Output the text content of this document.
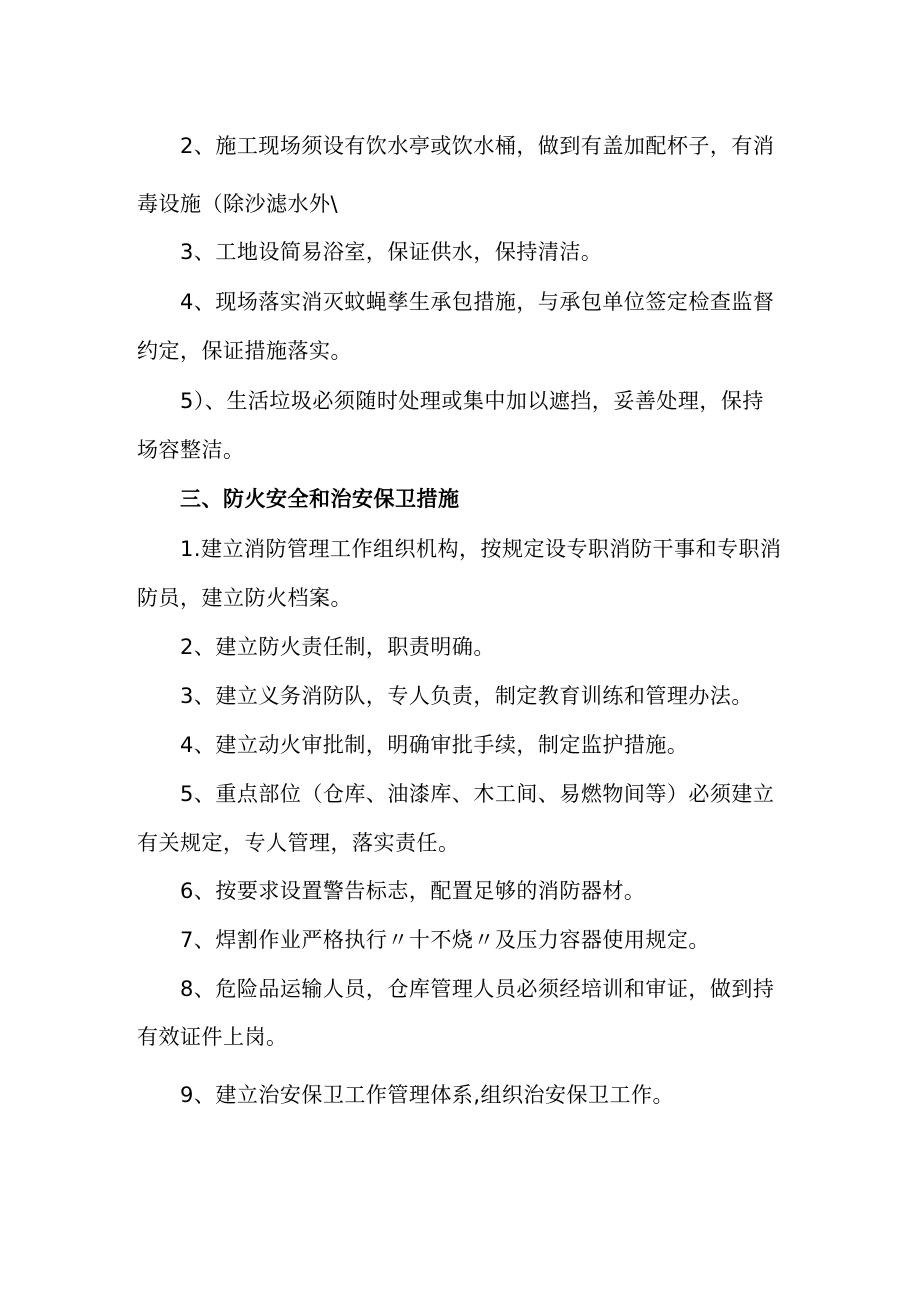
2、施工现场须设有饮水亭或饮水桶，做到有盖加配杯子，有消
毒设施（除沙滤水外\
3、工地设简易浴室，保证供水，保持清洁。
4、现场落实消灭蚊蝇孳生承包措施，与承包单位签定检查监督
约定，保证措施落实。
5）、生活垃圾必须随时处理或集中加以遮挡，妥善处理，保持
场容整洁。
三、防火安全和治安保卫措施
1.建立消防管理工作组织机构，按规定设专职消防干事和专职消
防员，建立防火档案。
2、建立防火责任制，职责明确。
3、建立义务消防队，专人负责，制定教育训练和管理办法。
4、建立动火审批制，明确审批手续，制定监护措施。
5、重点部位（仓库、油漆库、木工间、易燃物间等）必须建立
有关规定，专人管理，落实责任。
6、按要求设置警告标志，配置足够的消防器材。
7、焊割作业严格执行〃十不烧〃及压力容器使用规定。
8、危险品运输人员，仓库管理人员必须经培训和审证，做到持
有效证件上岗。
9、建立治安保卫工作管理体系,组织治安保卫工作。
